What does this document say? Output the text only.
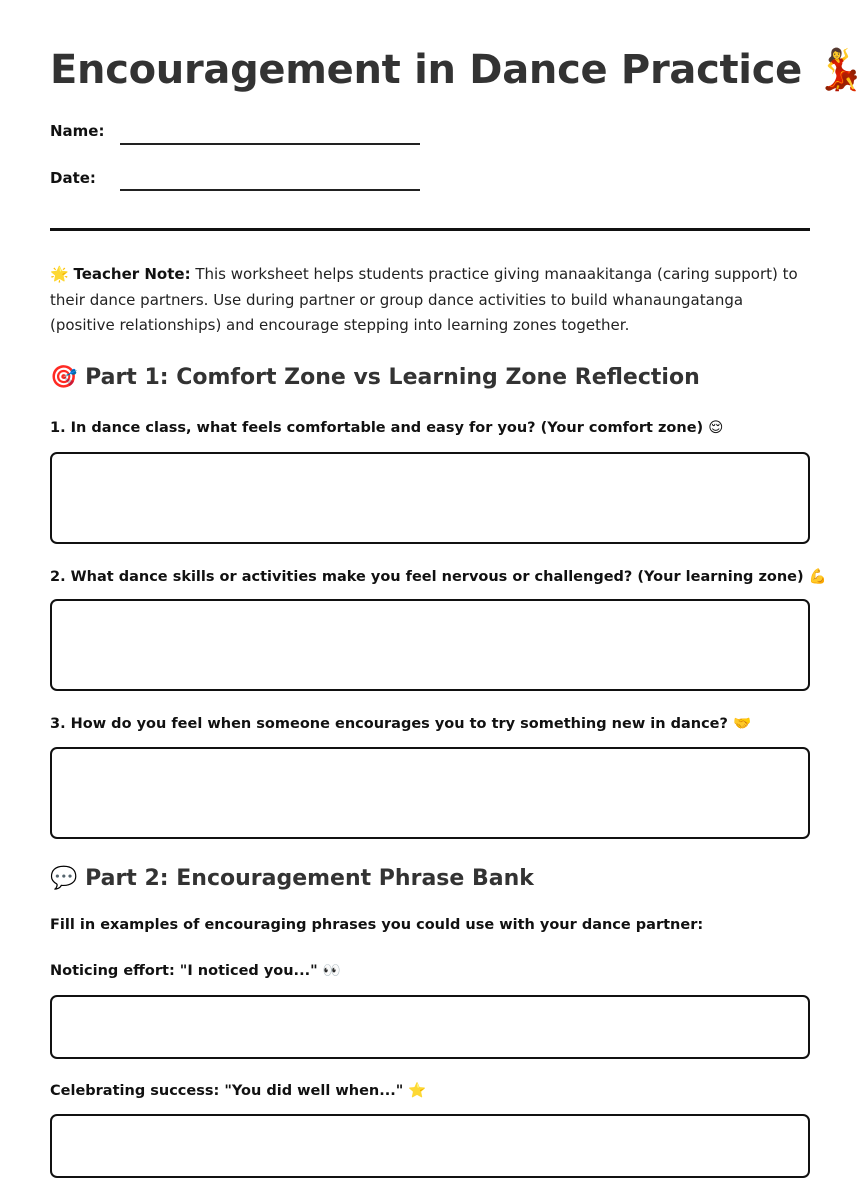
Encouragement in Dance Practice 💃
Name:
Date:

🌟 Teacher Note: This worksheet helps students practice giving manaakitanga (caring support) to their dance partners. Use during partner or group dance activities to build whanaungatanga (positive relationships) and encourage stepping into learning zones together.

🎯 Part 1: Comfort Zone vs Learning Zone Reflection
1. In dance class, what feels comfortable and easy for you? (Your comfort zone) 😌
2. What dance skills or activities make you feel nervous or challenged? (Your learning zone) 💪
3. How do you feel when someone encourages you to try something new in dance? 🤝
💬 Part 2: Encouragement Phrase Bank
Fill in examples of encouraging phrases you could use with your dance partner:
Noticing effort: "I noticed you..." 👀
Celebrating success: "You did well when..." ⭐
